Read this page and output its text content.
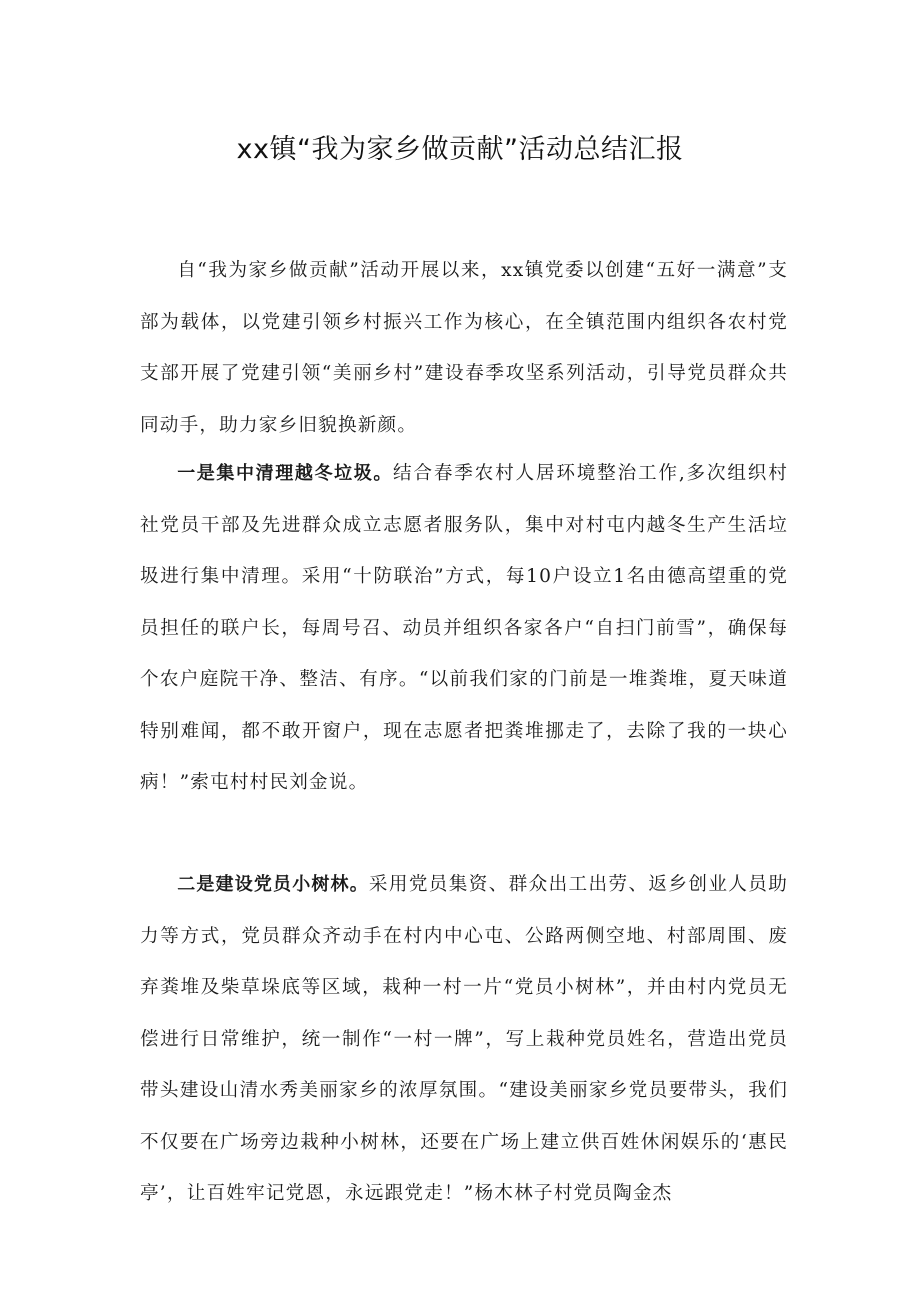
xx镇“我为家乡做贡献”活动总结汇报

自“我为家乡做贡献”活动开展以来，xx镇党委以创建“五好一满意”支部为载体，以党建引领乡村振兴工作为核心，在全镇范围内组织各农村党支部开展了党建引领“美丽乡村”建设春季攻坚系列活动，引导党员群众共同动手，助力家乡旧貌换新颜。

一是集中清理越冬垃圾。结合春季农村人居环境整治工作,多次组织村社党员干部及先进群众成立志愿者服务队，集中对村屯内越冬生产生活垃圾进行集中清理。采用“十防联治”方式，每10户设立1名由德高望重的党员担任的联户长，每周号召、动员并组织各家各户“自扫门前雪”，确保每个农户庭院干净、整洁、有序。“以前我们家的门前是一堆粪堆，夏天味道特别难闻，都不敢开窗户，现在志愿者把粪堆挪走了，去除了我的一块心病！”索屯村村民刘金说。

二是建设党员小树林。采用党员集资、群众出工出劳、返乡创业人员助力等方式，党员群众齐动手在村内中心屯、公路两侧空地、村部周围、废弃粪堆及柴草垛底等区域，栽种一村一片“党员小树林”，并由村内党员无偿进行日常维护，统一制作“一村一牌”，写上栽种党员姓名，营造出党员带头建设山清水秀美丽家乡的浓厚氛围。“建设美丽家乡党员要带头，我们不仅要在广场旁边栽种小树林，还要在广场上建立供百姓休闲娱乐的‘惠民亭’，让百姓牢记党恩，永远跟党走！”杨木林子村党员陶金杰
